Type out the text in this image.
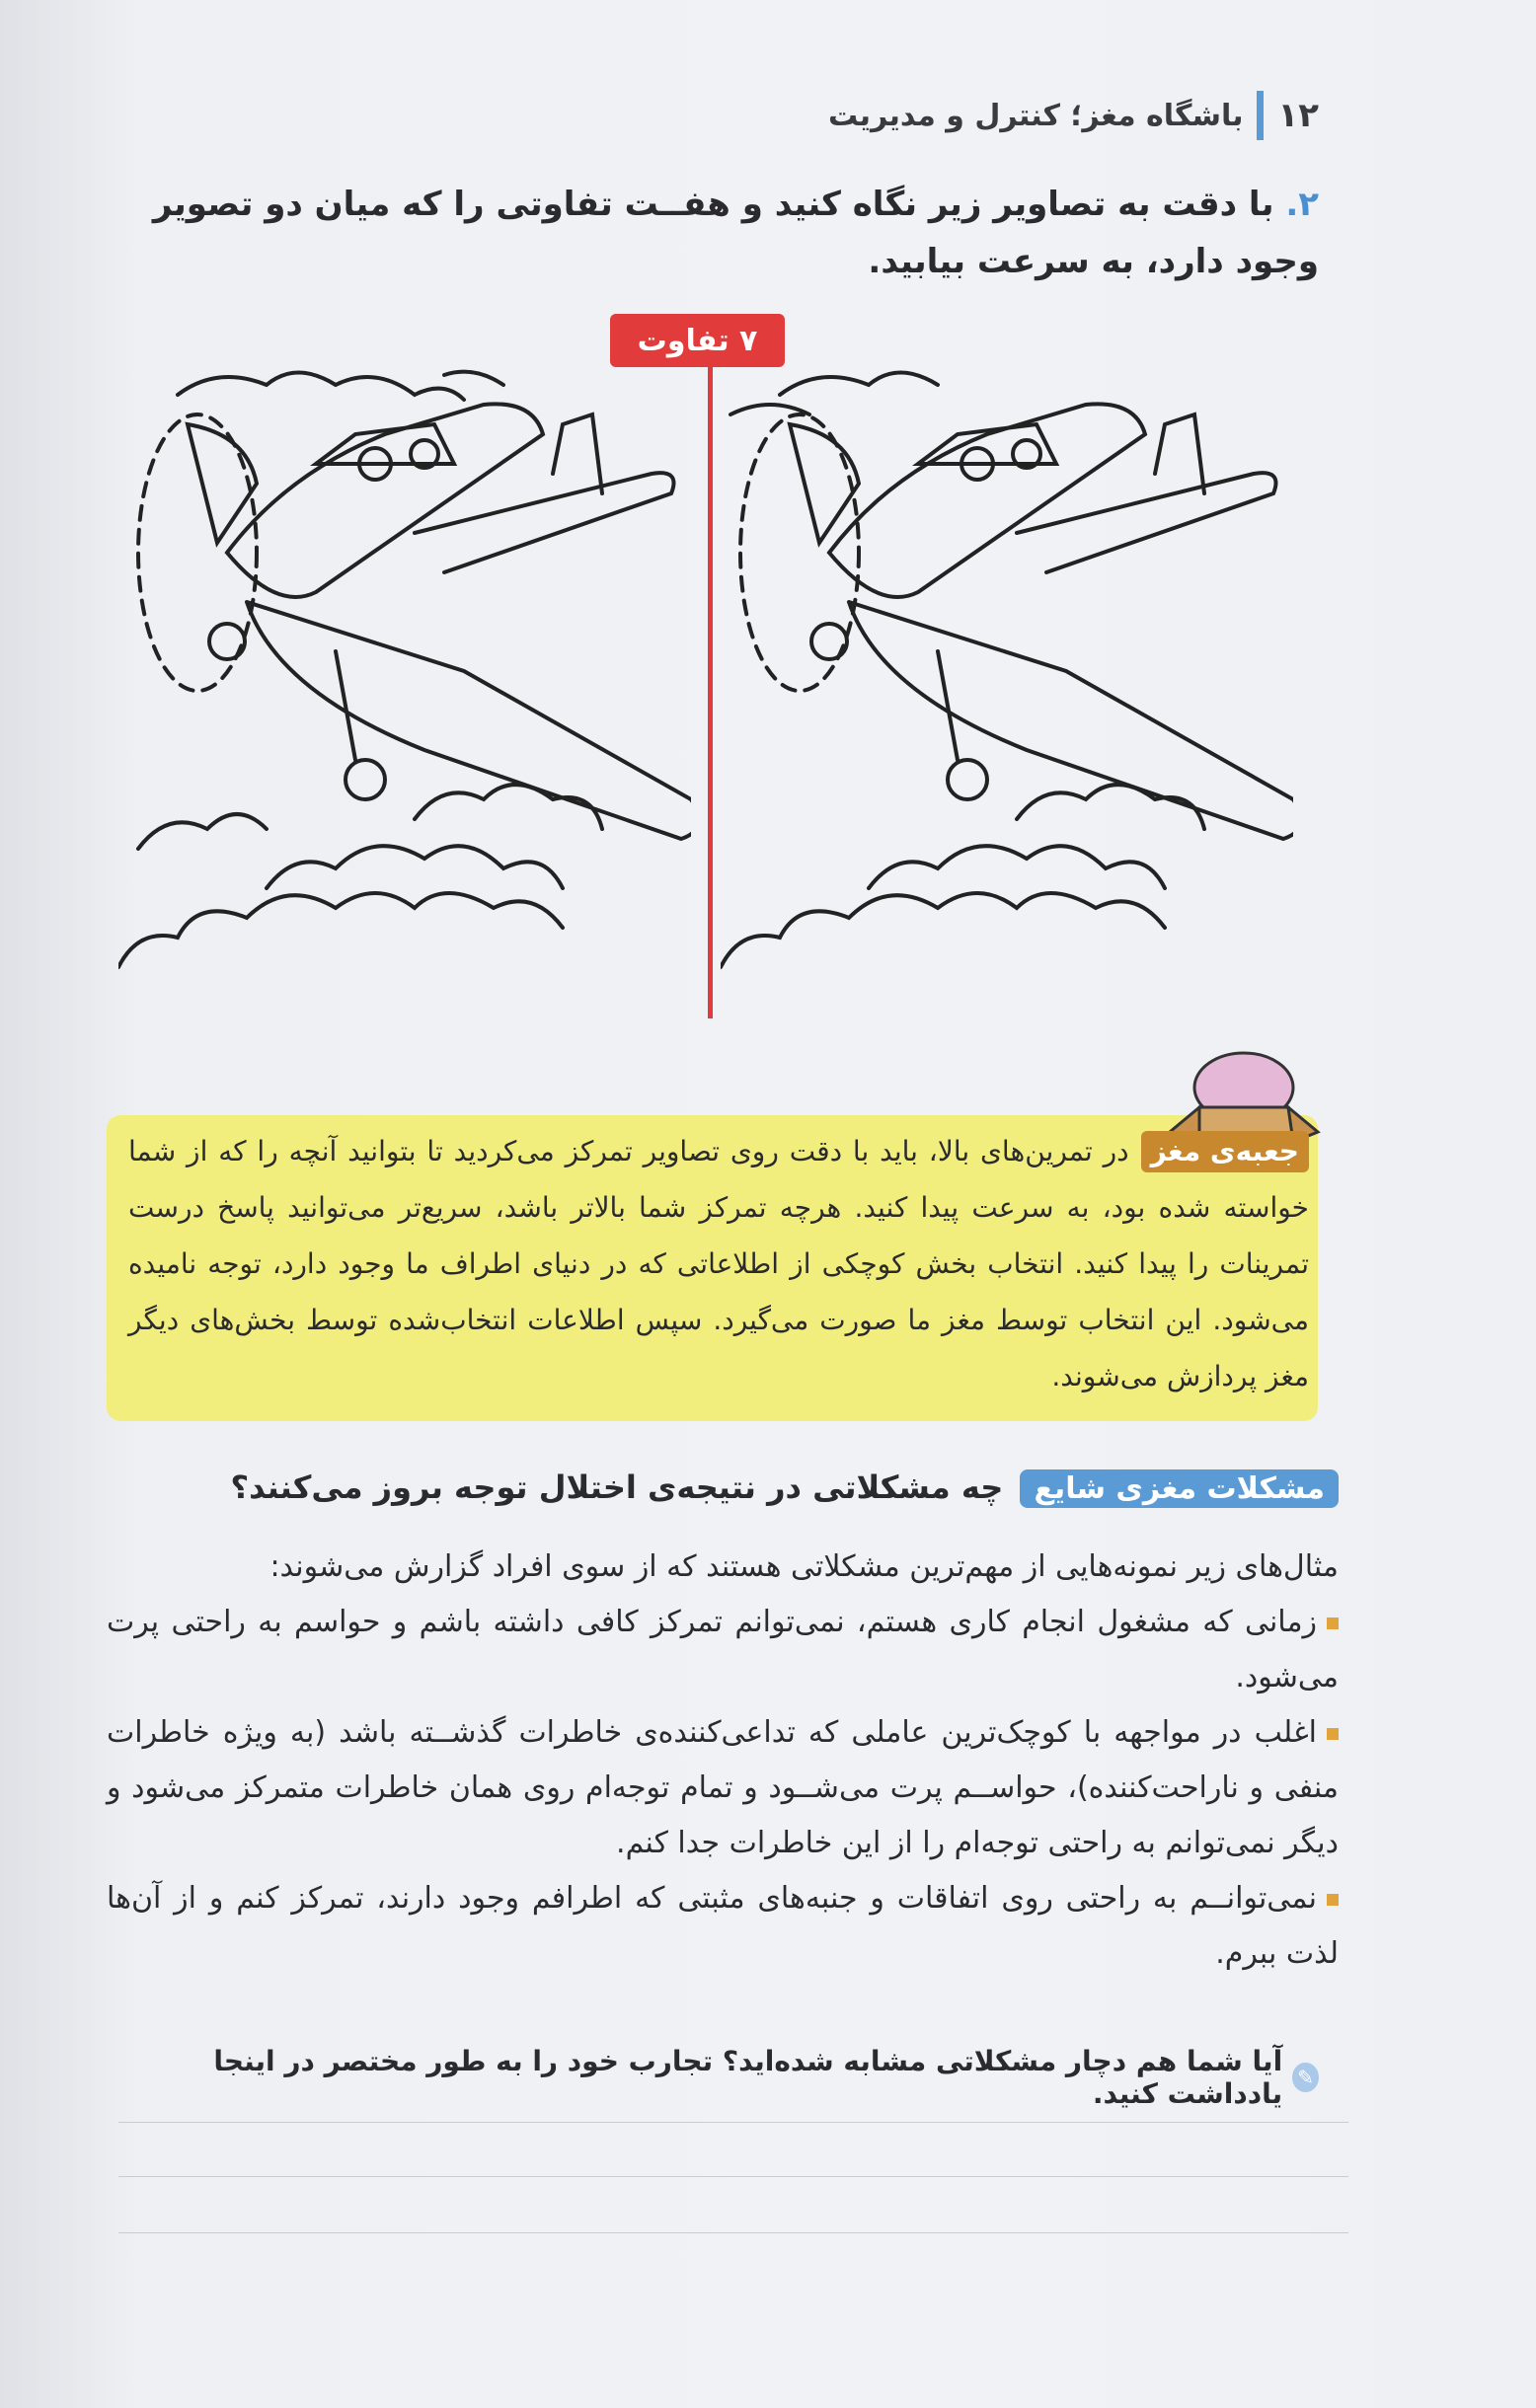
۱۲
باشگاه مغز؛ کنترل و مدیریت
۲. با دقت به تصاویر زیر نگاه کنید و هفــت تفاوتی را که میان دو تصویر وجود دارد، به سرعت بیابید.
۷ تفاوت
جعبه‌ی مغزدر تمرین‌های بالا، باید با دقت روی تصاویر تمرکز می‌کردید تا بتوانید آنچه را که از شما خواسته شده بود، به سرعت پیدا کنید. هرچه تمرکز شما بالاتر باشد، سریع‌تر می‌توانید پاسخ درست تمرینات را پیدا کنید. انتخاب بخش کوچکی از اطلاعاتی که در دنیای اطراف ما وجود دارد، توجه نامیده می‌شود. این انتخاب توسط مغز ما صورت می‌گیرد. سپس اطلاعات انتخاب‌شده توسط بخش‌های دیگر مغز پردازش می‌شوند.
مشکلات مغزی شایع چه مشکلاتی در نتیجه‌ی اختلال توجه بروز می‌کنند؟

مثال‌های زیر نمونه‌هایی از مهم‌ترین مشکلاتی هستند که از سوی افراد گزارش می‌شوند:

زمانی که مشغول انجام کاری هستم، نمی‌توانم تمرکز کافی داشته باشم و حواسم به راحتی پرت می‌شود.

اغلب در مواجهه با کوچک‌ترین عاملی که تداعی‌کننده‌ی خاطرات گذشــته باشد (به ویژه خاطرات منفی و ناراحت‌کننده)، حواســم پرت می‌شــود و تمام توجه‌ام روی همان خاطرات متمرکز می‌شود و دیگر نمی‌توانم به راحتی توجه‌ام را از این خاطرات جدا کنم.

نمی‌توانــم به راحتی روی اتفاقات و جنبه‌های مثبتی که اطرافم وجود دارند، تمرکز کنم و از آن‌ها لذت ببرم.

✎
آیا شما هم دچار مشکلاتی مشابه شده‌اید؟ تجارب خود را به طور مختصر در اینجا یادداشت کنید.
